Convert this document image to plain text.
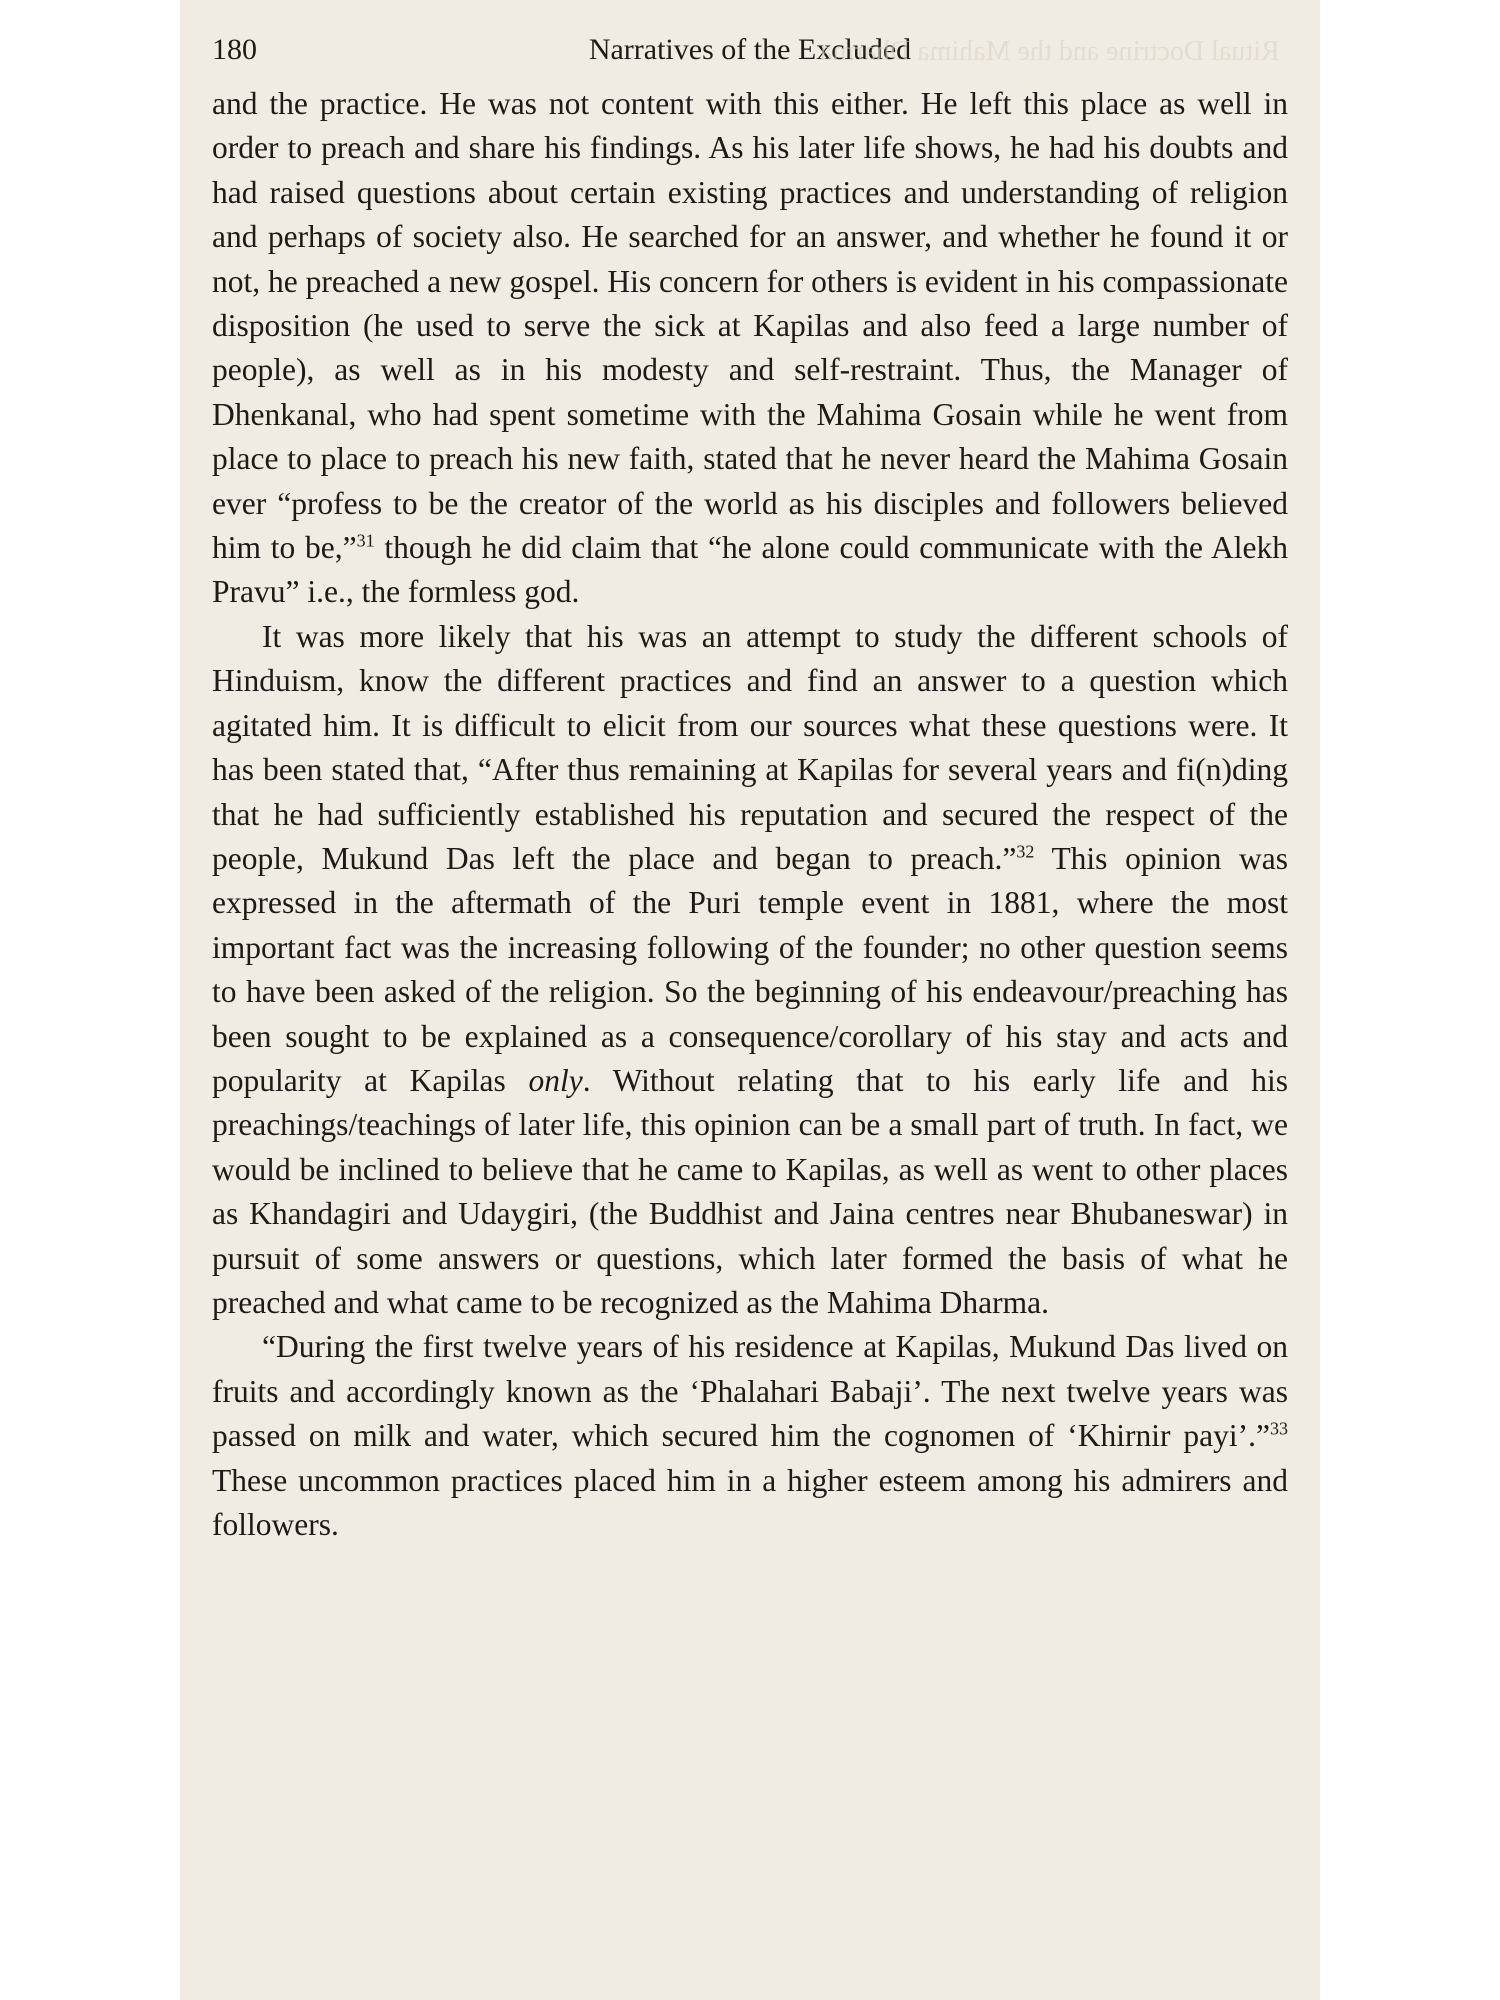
180	Narratives of the Excluded
Ritual Doctrine and the Mahima Dharma

and the practice. He was not content with this either. He left this place as well in order to preach and share his findings. As his later life shows, he had his doubts and had raised questions about certain existing practices and understanding of religion and perhaps of society also. He searched for an answer, and whether he found it or not, he preached a new gospel. His concern for others is evident in his compassionate disposition (he used to serve the sick at Kapilas and also feed a large number of people), as well as in his modesty and self-restraint. Thus, the Manager of Dhenkanal, who had spent sometime with the Mahima Gosain while he went from place to place to preach his new faith, stated that he never heard the Mahima Gosain ever “profess to be the creator of the world as his disciples and followers believed him to be,”$^{31}$ though he did claim that “he alone could communicate with the Alekh Pravu” i.e., the formless god.

It was more likely that his was an attempt to study the different schools of Hinduism, know the different practices and find an answer to a question which agitated him. It is difficult to elicit from our sources what these questions were. It has been stated that, “After thus remaining at Kapilas for several years and fi(n)ding that he had sufficiently established his reputation and secured the respect of the people, Mukund Das left the place and began to preach.”$^{32}$ This opinion was expressed in the aftermath of the Puri temple event in 1881, where the most important fact was the increasing following of the founder; no other question seems to have been asked of the religion. So the beginning of his endeavour/preaching has been sought to be explained as a consequence/corollary of his stay and acts and popularity at Kapilas only. Without relating that to his early life and his preachings/teachings of later life, this opinion can be a small part of truth. In fact, we would be inclined to believe that he came to Kapilas, as well as went to other places as Khandagiri and Udaygiri, (the Buddhist and Jaina centres near Bhubaneswar) in pursuit of some answers or questions, which later formed the basis of what he preached and what came to be recognized as the Mahima Dharma.

“During the first twelve years of his residence at Kapilas, Mukund Das lived on fruits and accordingly known as the ‘Phalahari Babaji’. The next twelve years was passed on milk and water, which secured him the cognomen of ‘Khirnir payi’.”$^{33}$ These uncommon practices placed him in a higher esteem among his admirers and followers.
